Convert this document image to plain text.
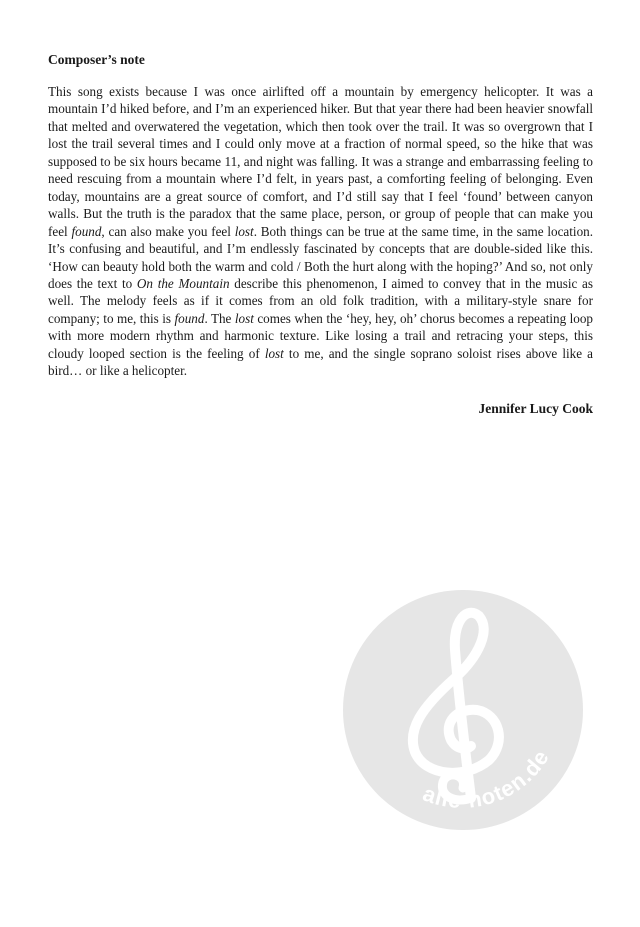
Composer’s note

This song exists because I was once airlifted off a mountain by emergency helicopter. It was a mountain I’d hiked before, and I’m an experienced hiker. But that year there had been heavier snowfall that melted and overwatered the vegetation, which then took over the trail. It was so overgrown that I lost the trail several times and I could only move at a fraction of normal speed, so the hike that was supposed to be six hours became 11, and night was falling. It was a strange and embarrassing feeling to need rescuing from a mountain where I’d felt, in years past, a comforting feeling of belonging. Even today, mountains are a great source of comfort, and I’d still say that I feel ‘found’ between canyon walls. But the truth is the paradox that the same place, person, or group of people that can make you feel found, can also make you feel lost. Both things can be true at the same time, in the same location. It’s confusing and beautiful, and I’m endlessly fascinated by concepts that are double-sided like this. ‘How can beauty hold both the warm and cold / Both the hurt along with the hoping?’ And so, not only does the text to On the Mountain describe this phenomenon, I aimed to convey that in the music as well. The melody feels as if it comes from an old folk tradition, with a military-style snare for company; to me, this is found. The lost comes when the ‘hey, hey, oh’ chorus becomes a repeating loop with more modern rhythm and harmonic texture. Like losing a trail and retracing your steps, this cloudy looped section is the feeling of lost to me, and the single soprano soloist rises above like a bird… or like a helicopter.

Jennifer Lucy Cook

alle-noten.de
